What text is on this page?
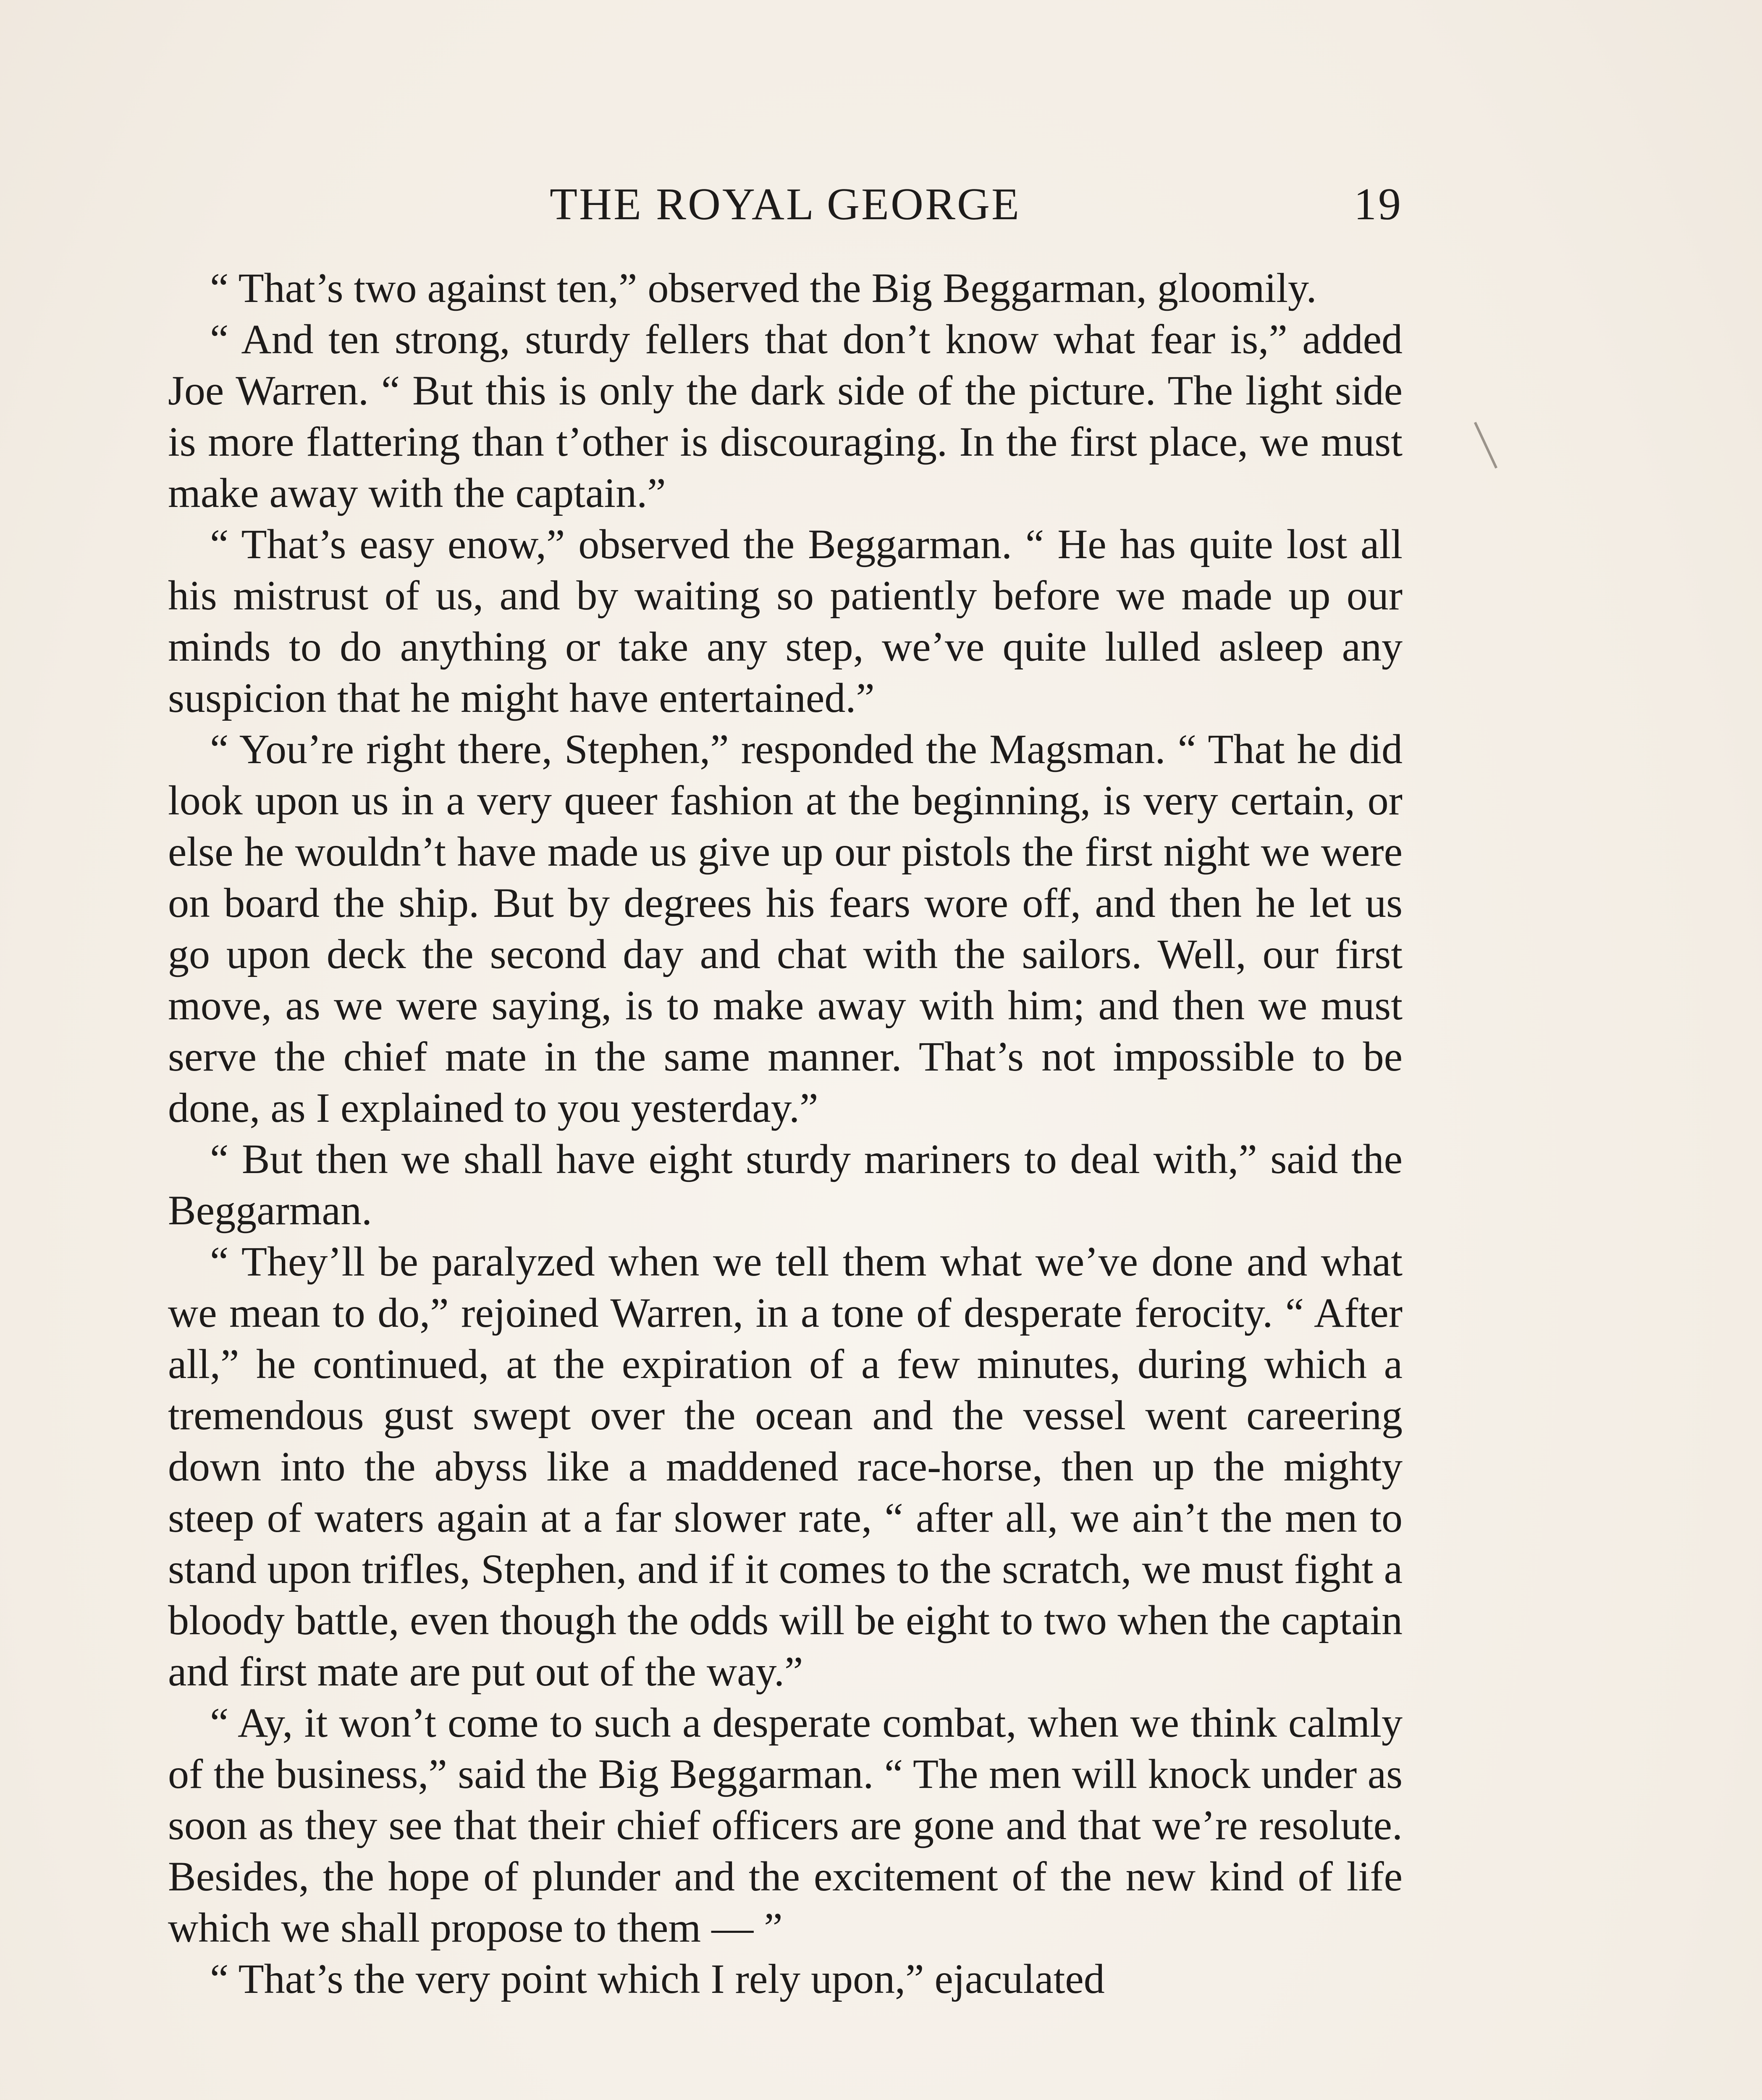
THE ROYAL GEORGE	19

“ That’s two against ten,” observed the Big Beggarman, gloomily.

“ And ten strong, sturdy fellers that don’t know what fear is,” added Joe Warren. “ But this is only the dark side of the picture. The light side is more flattering than t’other is discouraging. In the first place, we must make away with the captain.”

“ That’s easy enow,” observed the Beggarman. “ He has quite lost all his mistrust of us, and by waiting so patiently before we made up our minds to do anything or take any step, we’ve quite lulled asleep any suspicion that he might have entertained.”

“ You’re right there, Stephen,” responded the Magsman. “ That he did look upon us in a very queer fashion at the beginning, is very certain, or else he wouldn’t have made us give up our pistols the first night we were on board the ship. But by degrees his fears wore off, and then he let us go upon deck the second day and chat with the sailors. Well, our first move, as we were saying, is to make away with him; and then we must serve the chief mate in the same manner. That’s not impossible to be done, as I explained to you yesterday.”

“ But then we shall have eight sturdy mariners to deal with,” said the Beggarman.

“ They’ll be paralyzed when we tell them what we’ve done and what we mean to do,” rejoined Warren, in a tone of desperate ferocity. “ After all,” he continued, at the expiration of a few minutes, during which a tremendous gust swept over the ocean and the vessel went careering down into the abyss like a maddened race-horse, then up the mighty steep of waters again at a far slower rate, “ after all, we ain’t the men to stand upon trifles, Stephen, and if it comes to the scratch, we must fight a bloody battle, even though the odds will be eight to two when the captain and first mate are put out of the way.”

“ Ay, it won’t come to such a desperate combat, when we think calmly of the business,” said the Big Beggarman. “ The men will knock under as soon as they see that their chief officers are gone and that we’re resolute. Besides, the hope of plunder and the excitement of the new kind of life which we shall propose to them — ”

“ That’s the very point which I rely upon,” ejaculated
